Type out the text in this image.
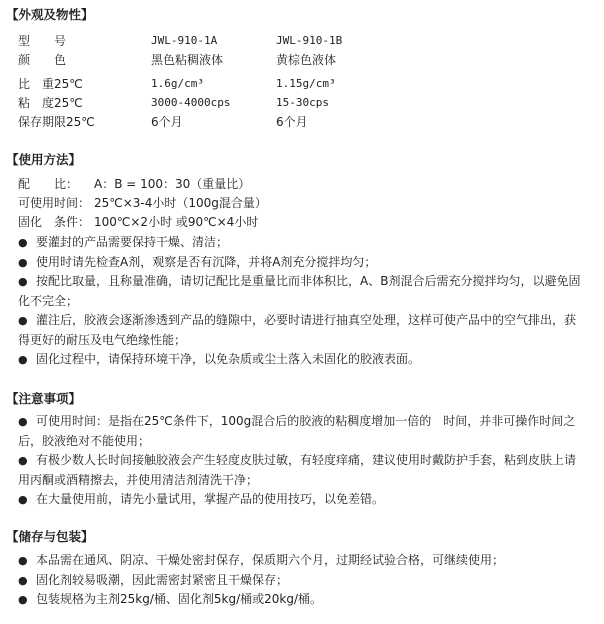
【外观及物性】
型　　号	JWL-910-1A	JWL-910-1B
颜　　色	黑色粘稠液体	黄棕色液体
比　重25℃	1.6g/cm³	1.15g/cm³
粘　度25℃	3000-4000cps	15-30cps
保存期限25℃	6个月	6个月
【使用方法】
配　　比： A：B = 100：30（重量比）
可使用时间： 25℃×3-4小时（100g混合量）
固化　条件： 100℃×2小时 或90℃×4小时
● 要灌封的产品需要保持干燥、清洁；
● 使用时请先检查A剂，观察是否有沉降，并将A剂充分搅拌均匀；
● 按配比取量，且称量准确，请切记配比是重量比而非体积比，A、B剂混合后需充分搅拌均匀，以避免固
化不完全；
● 灌注后，胶液会逐渐渗透到产品的缝隙中，必要时请进行抽真空处理，这样可使产品中的空气排出，获
得更好的耐压及电气绝缘性能；
● 固化过程中，请保持环境干净，以免杂质或尘土落入未固化的胶液表面。
【注意事项】
● 可使用时间：是指在25℃条件下，100g混合后的胶液的粘稠度增加一倍的　时间，并非可操作时间之
后，胶液绝对不能使用；
● 有极少数人长时间接触胶液会产生轻度皮肤过敏，有轻度痒痛，建议使用时戴防护手套，粘到皮肤上请
用丙酮或酒精擦去，并使用清洁剂清洗干净；
● 在大量使用前，请先小量试用，掌握产品的使用技巧，以免差错。
【储存与包装】
● 本品需在通风、阴凉、干燥处密封保存，保质期六个月，过期经试验合格，可继续使用；
● 固化剂较易吸潮，因此需密封紧密且干燥保存；
● 包装规格为主剂25kg/桶、固化剂5kg/桶或20kg/桶。
